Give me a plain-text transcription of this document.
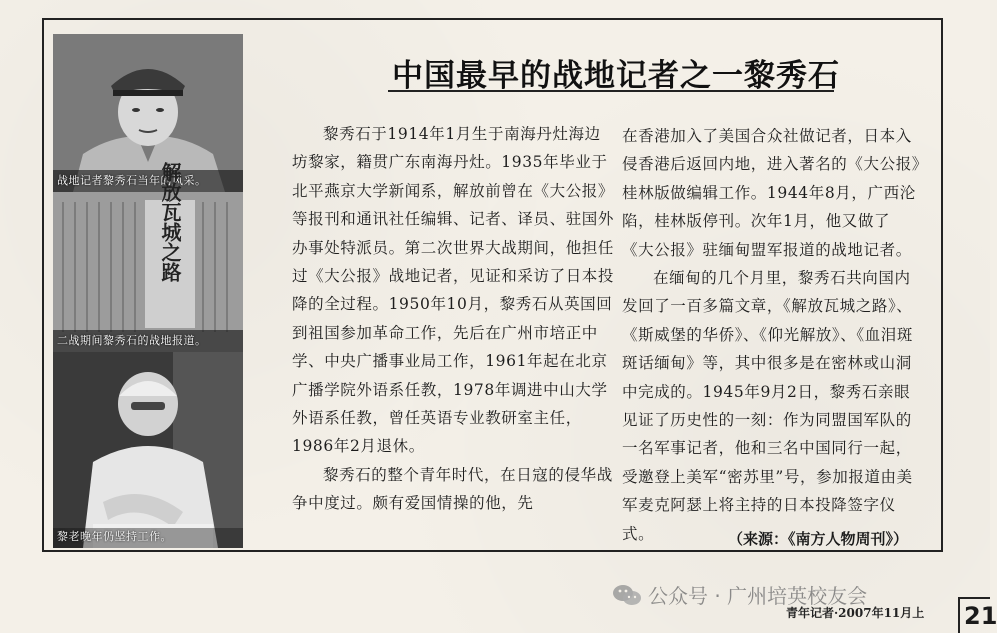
战地记者黎秀石当年的风采。
解放瓦城之路
二战期间黎秀石的战地报道。
黎老晚年仍坚持工作。
中国最早的战地记者之一黎秀石

黎秀石于1914年1月生于南海丹灶海边坊黎家，籍贯广东南海丹灶。1935年毕业于北平燕京大学新闻系，解放前曾在《大公报》等报刊和通讯社任编辑、记者、译员、驻国外办事处特派员。第二次世界大战期间，他担任过《大公报》战地记者，见证和采访了日本投降的全过程。1950年10月，黎秀石从英国回到祖国参加革命工作，先后在广州市培正中学、中央广播事业局工作，1961年起在北京广播学院外语系任教，1978年调进中山大学外语系任教，曾任英语专业教研室主任，1986年2月退休。

黎秀石的整个青年时代，在日寇的侵华战争中度过。颇有爱国情操的他，先

在香港加入了美国合众社做记者，日本入侵香港后返回内地，进入著名的《大公报》桂林版做编辑工作。1944年8月，广西沦陷，桂林版停刊。次年1月，他又做了《大公报》驻缅甸盟军报道的战地记者。

在缅甸的几个月里，黎秀石共向国内发回了一百多篇文章，《解放瓦城之路》、《斯威堡的华侨》、《仰光解放》、《血泪斑斑话缅甸》等，其中很多是在密林或山洞中完成的。1945年9月2日，黎秀石亲眼见证了历史性的一刻：作为同盟国军队的一名军事记者，他和三名中国同行一起，受邀登上美军“密苏里”号，参加报道由美军麦克阿瑟上将主持的日本投降签字仪式。	（来源：《南方人物周刊》）
公众号 · 广州培英校友会
青年记者·2007年11月上 21
